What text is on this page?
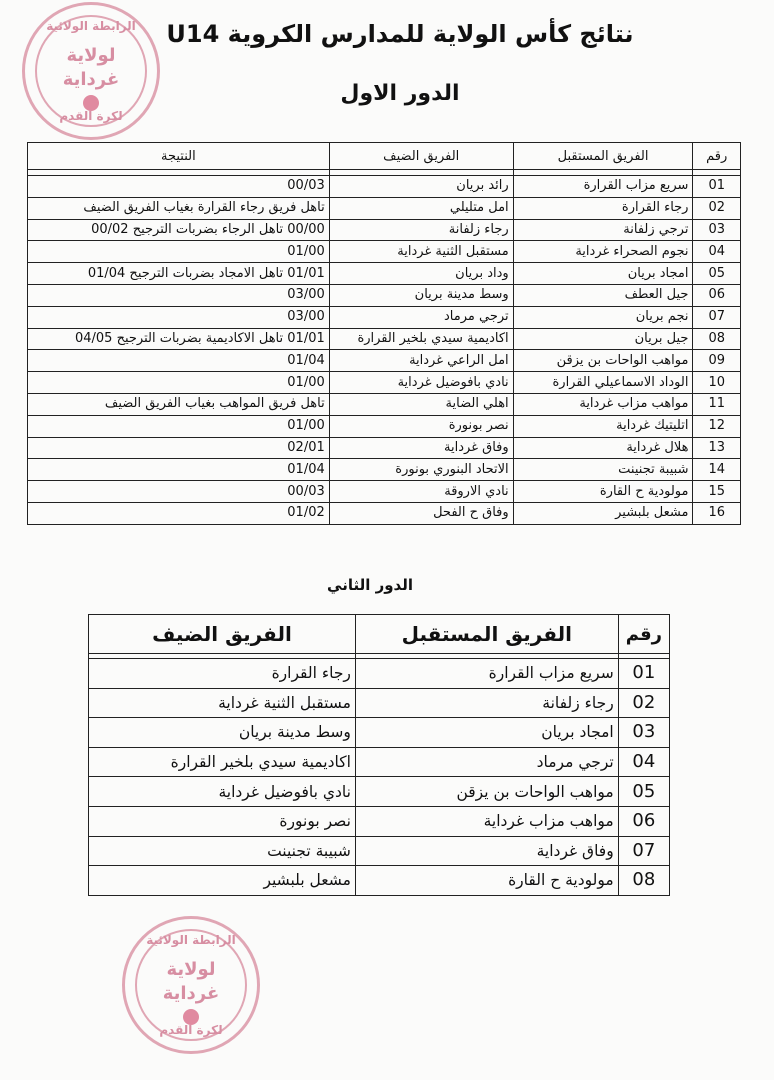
الرابطة الولائية
لولاية
غرداية
لكرة القدم
نتائج كأس الولاية للمدارس الكروية U14
الدور الاول
رقم	الفريق المستقبل	الفريق الضيف	النتيجة

01	سريع مزاب القرارة	رائد بريان	00/03
02	رجاء القرارة	امل متليلي	تاهل فريق رجاء القرارة بغياب الفريق الضيف
03	ترجي زلفانة	رجاء زلفانة	00/00 تاهل الرجاء بضربات الترجيح 00/02
04	نجوم الصحراء غرداية	مستقبل الثنية غرداية	01/00
05	امجاد بريان	وداد بريان	01/01 تاهل الامجاد بضربات الترجيح 01/04
06	جيل العطف	وسط مدينة بريان	03/00
07	نجم بريان	ترجي مرماد	03/00
08	جيل بريان	اكاديمية سيدي بلخير القرارة	01/01 تاهل الاكاديمية بضربات الترجيح 04/05
09	مواهب الواحات بن يزقن	امل الراعي غرداية	01/04
10	الوداد الاسماعيلي القرارة	نادي بافوضيل غرداية	01/00
11	مواهب مزاب غرداية	اهلي الضاية	تاهل فريق المواهب بغياب الفريق الضيف
12	اتليتيك غرداية	نصر بونورة	01/00
13	هلال غرداية	وفاق غرداية	02/01
14	شبيبة تجنينت	الاتحاد البنوري بونورة	01/04
15	مولودية ح القارة	نادي الاروقة	00/03
16	مشعل بلبشير	وفاق ح الفحل	01/02
الدور الثاني
رقم	الفريق المستقبل	الفريق الضيف

01	سريع مزاب القرارة	رجاء القرارة
02	رجاء زلفانة	مستقبل الثنية غرداية
03	امجاد بريان	وسط مدينة بريان
04	ترجي مرماد	اكاديمية سيدي بلخير القرارة
05	مواهب الواحات بن يزقن	نادي بافوضيل غرداية
06	مواهب مزاب غرداية	نصر بونورة
07	وفاق غرداية	شبيبة تجنينت
08	مولودية ح القارة	مشعل بلبشير
الرابطة الولائية
لولاية
غرداية
لكرة القدم
